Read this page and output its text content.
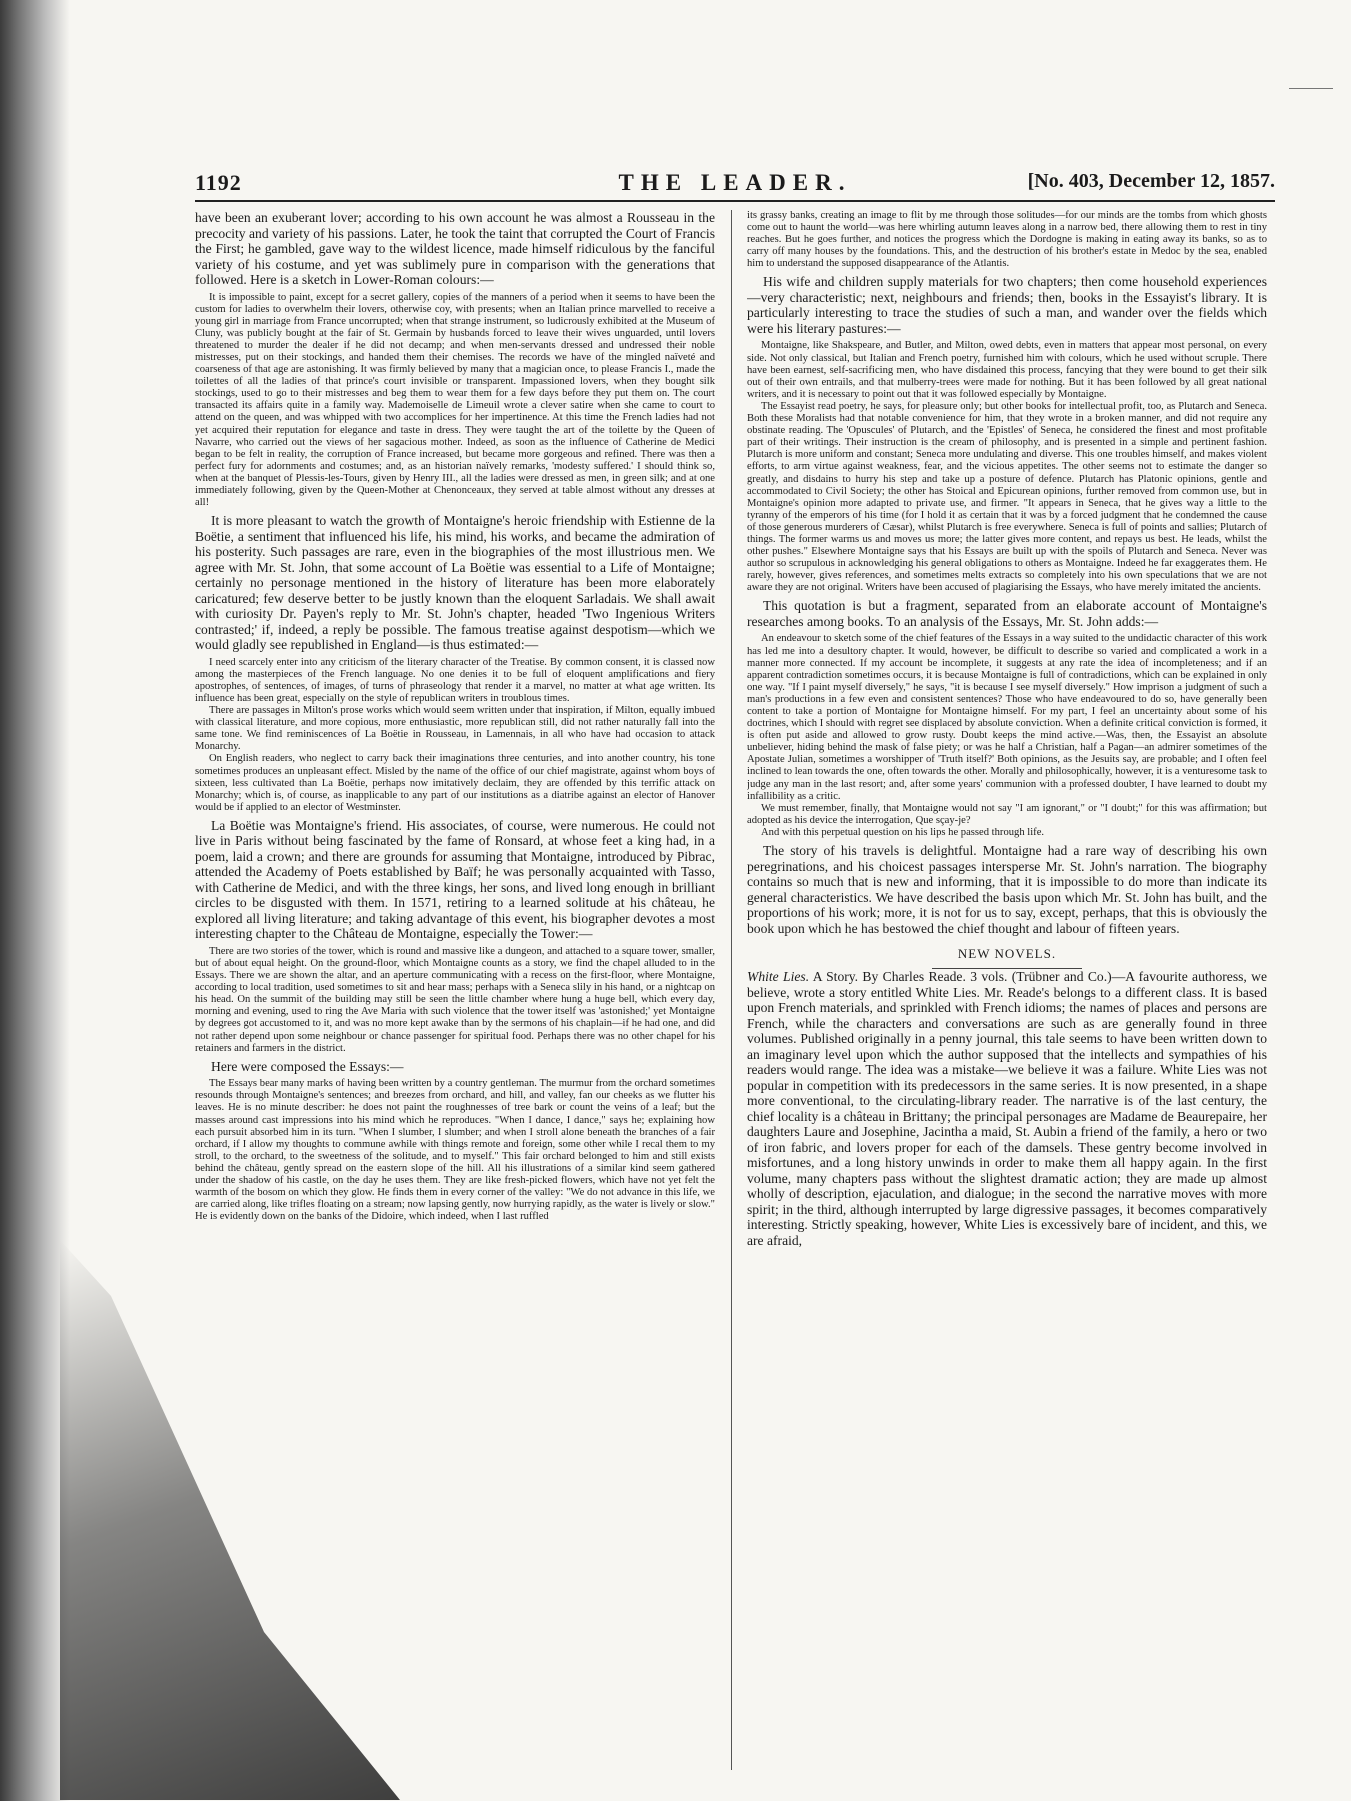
1192	THE LEADER.	[No. 403, December 12, 1857.

have been an exuberant lover; according to his own account he was almost a Rousseau in the precocity and variety of his passions. Later, he took the taint that corrupted the Court of Francis the First; he gambled, gave way to the wildest licence, made himself ridiculous by the fanciful variety of his costume, and yet was sublimely pure in comparison with the generations that followed. Here is a sketch in Lower-Roman colours:—

It is impossible to paint, except for a secret gallery, copies of the manners of a period when it seems to have been the custom for ladies to overwhelm their lovers, otherwise coy, with presents; when an Italian prince marvelled to receive a young girl in marriage from France uncorrupted; when that strange instrument, so ludicrously exhibited at the Museum of Cluny, was publicly bought at the fair of St. Germain by husbands forced to leave their wives unguarded, until lovers threatened to murder the dealer if he did not decamp; and when men-servants dressed and undressed their noble mistresses, put on their stockings, and handed them their chemises. The records we have of the mingled naïveté and coarseness of that age are astonishing. It was firmly believed by many that a magician once, to please Francis I., made the toilettes of all the ladies of that prince's court invisible or transparent. Impassioned lovers, when they bought silk stockings, used to go to their mistresses and beg them to wear them for a few days before they put them on. The court transacted its affairs quite in a family way. Mademoiselle de Limeuil wrote a clever satire when she came to court to attend on the queen, and was whipped with two accomplices for her impertinence. At this time the French ladies had not yet acquired their reputation for elegance and taste in dress. They were taught the art of the toilette by the Queen of Navarre, who carried out the views of her sagacious mother. Indeed, as soon as the influence of Catherine de Medici began to be felt in reality, the corruption of France increased, but became more gorgeous and refined. There was then a perfect fury for adornments and costumes; and, as an historian naïvely remarks, 'modesty suffered.' I should think so, when at the banquet of Plessis-les-Tours, given by Henry III., all the ladies were dressed as men, in green silk; and at one immediately following, given by the Queen-Mother at Chenonceaux, they served at table almost without any dresses at all!

It is more pleasant to watch the growth of Montaigne's heroic friendship with Estienne de la Boëtie, a sentiment that influenced his life, his mind, his works, and became the admiration of his posterity. Such passages are rare, even in the biographies of the most illustrious men. We agree with Mr. St. John, that some account of La Boëtie was essential to a Life of Montaigne; certainly no personage mentioned in the history of literature has been more elaborately caricatured; few deserve better to be justly known than the eloquent Sarladais. We shall await with curiosity Dr. Payen's reply to Mr. St. John's chapter, headed 'Two Ingenious Writers contrasted;' if, indeed, a reply be possible. The famous treatise against despotism—which we would gladly see republished in England—is thus estimated:—

I need scarcely enter into any criticism of the literary character of the Treatise. By common consent, it is classed now among the masterpieces of the French language. No one denies it to be full of eloquent amplifications and fiery apostrophes, of sentences, of images, of turns of phraseology that render it a marvel, no matter at what age written. Its influence has been great, especially on the style of republican writers in troublous times.

There are passages in Milton's prose works which would seem written under that inspiration, if Milton, equally imbued with classical literature, and more copious, more enthusiastic, more republican still, did not rather naturally fall into the same tone. We find reminiscences of La Boëtie in Rousseau, in Lamennais, in all who have had occasion to attack Monarchy.

On English readers, who neglect to carry back their imaginations three centuries, and into another country, his tone sometimes produces an unpleasant effect. Misled by the name of the office of our chief magistrate, against whom boys of sixteen, less cultivated than La Boëtie, perhaps now imitatively declaim, they are offended by this terrific attack on Monarchy; which is, of course, as inapplicable to any part of our institutions as a diatribe against an elector of Hanover would be if applied to an elector of Westminster.

La Boëtie was Montaigne's friend. His associates, of course, were numerous. He could not live in Paris without being fascinated by the fame of Ronsard, at whose feet a king had, in a poem, laid a crown; and there are grounds for assuming that Montaigne, introduced by Pibrac, attended the Academy of Poets established by Baïf; he was personally acquainted with Tasso, with Catherine de Medici, and with the three kings, her sons, and lived long enough in brilliant circles to be disgusted with them. In 1571, retiring to a learned solitude at his château, he explored all living literature; and taking advantage of this event, his biographer devotes a most interesting chapter to the Château de Montaigne, especially the Tower:—

There are two stories of the tower, which is round and massive like a dungeon, and attached to a square tower, smaller, but of about equal height. On the ground-floor, which Montaigne counts as a story, we find the chapel alluded to in the Essays. There we are shown the altar, and an aperture communicating with a recess on the first-floor, where Montaigne, according to local tradition, used sometimes to sit and hear mass; perhaps with a Seneca slily in his hand, or a nightcap on his head. On the summit of the building may still be seen the little chamber where hung a huge bell, which every day, morning and evening, used to ring the Ave Maria with such violence that the tower itself was 'astonished;' yet Montaigne by degrees got accustomed to it, and was no more kept awake than by the sermons of his chaplain—if he had one, and did not rather depend upon some neighbour or chance passenger for spiritual food. Perhaps there was no other chapel for his retainers and farmers in the district.

Here were composed the Essays:—

The Essays bear many marks of having been written by a country gentleman. The murmur from the orchard sometimes resounds through Montaigne's sentences; and breezes from orchard, and hill, and valley, fan our cheeks as we flutter his leaves. He is no minute describer: he does not paint the roughnesses of tree bark or count the veins of a leaf; but the masses around cast impressions into his mind which he reproduces. "When I dance, I dance," says he; explaining how each pursuit absorbed him in its turn. "When I slumber, I slumber; and when I stroll alone beneath the branches of a fair orchard, if I allow my thoughts to commune awhile with things remote and foreign, some other while I recal them to my stroll, to the orchard, to the sweetness of the solitude, and to myself." This fair orchard belonged to him and still exists behind the château, gently spread on the eastern slope of the hill. All his illustrations of a similar kind seem gathered under the shadow of his castle, on the day he uses them. They are like fresh-picked flowers, which have not yet felt the warmth of the bosom on which they glow. He finds them in every corner of the valley: "We do not advance in this life, we are carried along, like trifles floating on a stream; now lapsing gently, now hurrying rapidly, as the water is lively or slow." He is evidently down on the banks of the Didoire, which indeed, when I last ruffled

its grassy banks, creating an image to flit by me through those solitudes—for our minds are the tombs from which ghosts come out to haunt the world—was here whirling autumn leaves along in a narrow bed, there allowing them to rest in tiny reaches. But he goes further, and notices the progress which the Dordogne is making in eating away its banks, so as to carry off many houses by the foundations. This, and the destruction of his brother's estate in Medoc by the sea, enabled him to understand the supposed disappearance of the Atlantis.

His wife and children supply materials for two chapters; then come household experiences—very characteristic; next, neighbours and friends; then, books in the Essayist's library. It is particularly interesting to trace the studies of such a man, and wander over the fields which were his literary pastures:—

Montaigne, like Shakspeare, and Butler, and Milton, owed debts, even in matters that appear most personal, on every side. Not only classical, but Italian and French poetry, furnished him with colours, which he used without scruple. There have been earnest, self-sacrificing men, who have disdained this process, fancying that they were bound to get their silk out of their own entrails, and that mulberry-trees were made for nothing. But it has been followed by all great national writers, and it is necessary to point out that it was followed especially by Montaigne.

The Essayist read poetry, he says, for pleasure only; but other books for intellectual profit, too, as Plutarch and Seneca. Both these Moralists had that notable convenience for him, that they wrote in a broken manner, and did not require any obstinate reading. The 'Opuscules' of Plutarch, and the 'Epistles' of Seneca, he considered the finest and most profitable part of their writings. Their instruction is the cream of philosophy, and is presented in a simple and pertinent fashion. Plutarch is more uniform and constant; Seneca more undulating and diverse. This one troubles himself, and makes violent efforts, to arm virtue against weakness, fear, and the vicious appetites. The other seems not to estimate the danger so greatly, and disdains to hurry his step and take up a posture of defence. Plutarch has Platonic opinions, gentle and accommodated to Civil Society; the other has Stoical and Epicurean opinions, further removed from common use, but in Montaigne's opinion more adapted to private use, and firmer. "It appears in Seneca, that he gives way a little to the tyranny of the emperors of his time (for I hold it as certain that it was by a forced judgment that he condemned the cause of those generous murderers of Cæsar), whilst Plutarch is free everywhere. Seneca is full of points and sallies; Plutarch of things. The former warms us and moves us more; the latter gives more content, and repays us best. He leads, whilst the other pushes." Elsewhere Montaigne says that his Essays are built up with the spoils of Plutarch and Seneca. Never was author so scrupulous in acknowledging his general obligations to others as Montaigne. Indeed he far exaggerates them. He rarely, however, gives references, and sometimes melts extracts so completely into his own speculations that we are not aware they are not original. Writers have been accused of plagiarising the Essays, who have merely imitated the ancients.

This quotation is but a fragment, separated from an elaborate account of Montaigne's researches among books. To an analysis of the Essays, Mr. St. John adds:—

An endeavour to sketch some of the chief features of the Essays in a way suited to the undidactic character of this work has led me into a desultory chapter. It would, however, be difficult to describe so varied and complicated a work in a manner more connected. If my account be incomplete, it suggests at any rate the idea of incompleteness; and if an apparent contradiction sometimes occurs, it is because Montaigne is full of contradictions, which can be explained in only one way. "If I paint myself diversely," he says, "it is because I see myself diversely." How imprison a judgment of such a man's productions in a few even and consistent sentences? Those who have endeavoured to do so, have generally been content to take a portion of Montaigne for Montaigne himself. For my part, I feel an uncertainty about some of his doctrines, which I should with regret see displaced by absolute conviction. When a definite critical conviction is formed, it is often put aside and allowed to grow rusty. Doubt keeps the mind active.—Was, then, the Essayist an absolute unbeliever, hiding behind the mask of false piety; or was he half a Christian, half a Pagan—an admirer sometimes of the Apostate Julian, sometimes a worshipper of 'Truth itself?' Both opinions, as the Jesuits say, are probable; and I often feel inclined to lean towards the one, often towards the other. Morally and philosophically, however, it is a venturesome task to judge any man in the last resort; and, after some years' communion with a professed doubter, I have learned to doubt my infallibility as a critic.

We must remember, finally, that Montaigne would not say "I am ignorant," or "I doubt;" for this was affirmation; but adopted as his device the interrogation, Que sçay-je?

And with this perpetual question on his lips he passed through life.

The story of his travels is delightful. Montaigne had a rare way of describing his own peregrinations, and his choicest passages intersperse Mr. St. John's narration. The biography contains so much that is new and informing, that it is impossible to do more than indicate its general characteristics. We have described the basis upon which Mr. St. John has built, and the proportions of his work; more, it is not for us to say, except, perhaps, that this is obviously the book upon which he has bestowed the chief thought and labour of fifteen years.

NEW NOVELS.

White Lies. A Story. By Charles Reade. 3 vols. (Trübner and Co.)—A favourite authoress, we believe, wrote a story entitled White Lies. Mr. Reade's belongs to a different class. It is based upon French materials, and sprinkled with French idioms; the names of places and persons are French, while the characters and conversations are such as are generally found in three volumes. Published originally in a penny journal, this tale seems to have been written down to an imaginary level upon which the author supposed that the intellects and sympathies of his readers would range. The idea was a mistake—we believe it was a failure. White Lies was not popular in competition with its predecessors in the same series. It is now presented, in a shape more conventional, to the circulating-library reader. The narrative is of the last century, the chief locality is a château in Brittany; the principal personages are Madame de Beaurepaire, her daughters Laure and Josephine, Jacintha a maid, St. Aubin a friend of the family, a hero or two of iron fabric, and lovers proper for each of the damsels. These gentry become involved in misfortunes, and a long history unwinds in order to make them all happy again. In the first volume, many chapters pass without the slightest dramatic action; they are made up almost wholly of description, ejaculation, and dialogue; in the second the narrative moves with more spirit; in the third, although interrupted by large digressive passages, it becomes comparatively interesting. Strictly speaking, however, White Lies is excessively bare of incident, and this, we are afraid,
